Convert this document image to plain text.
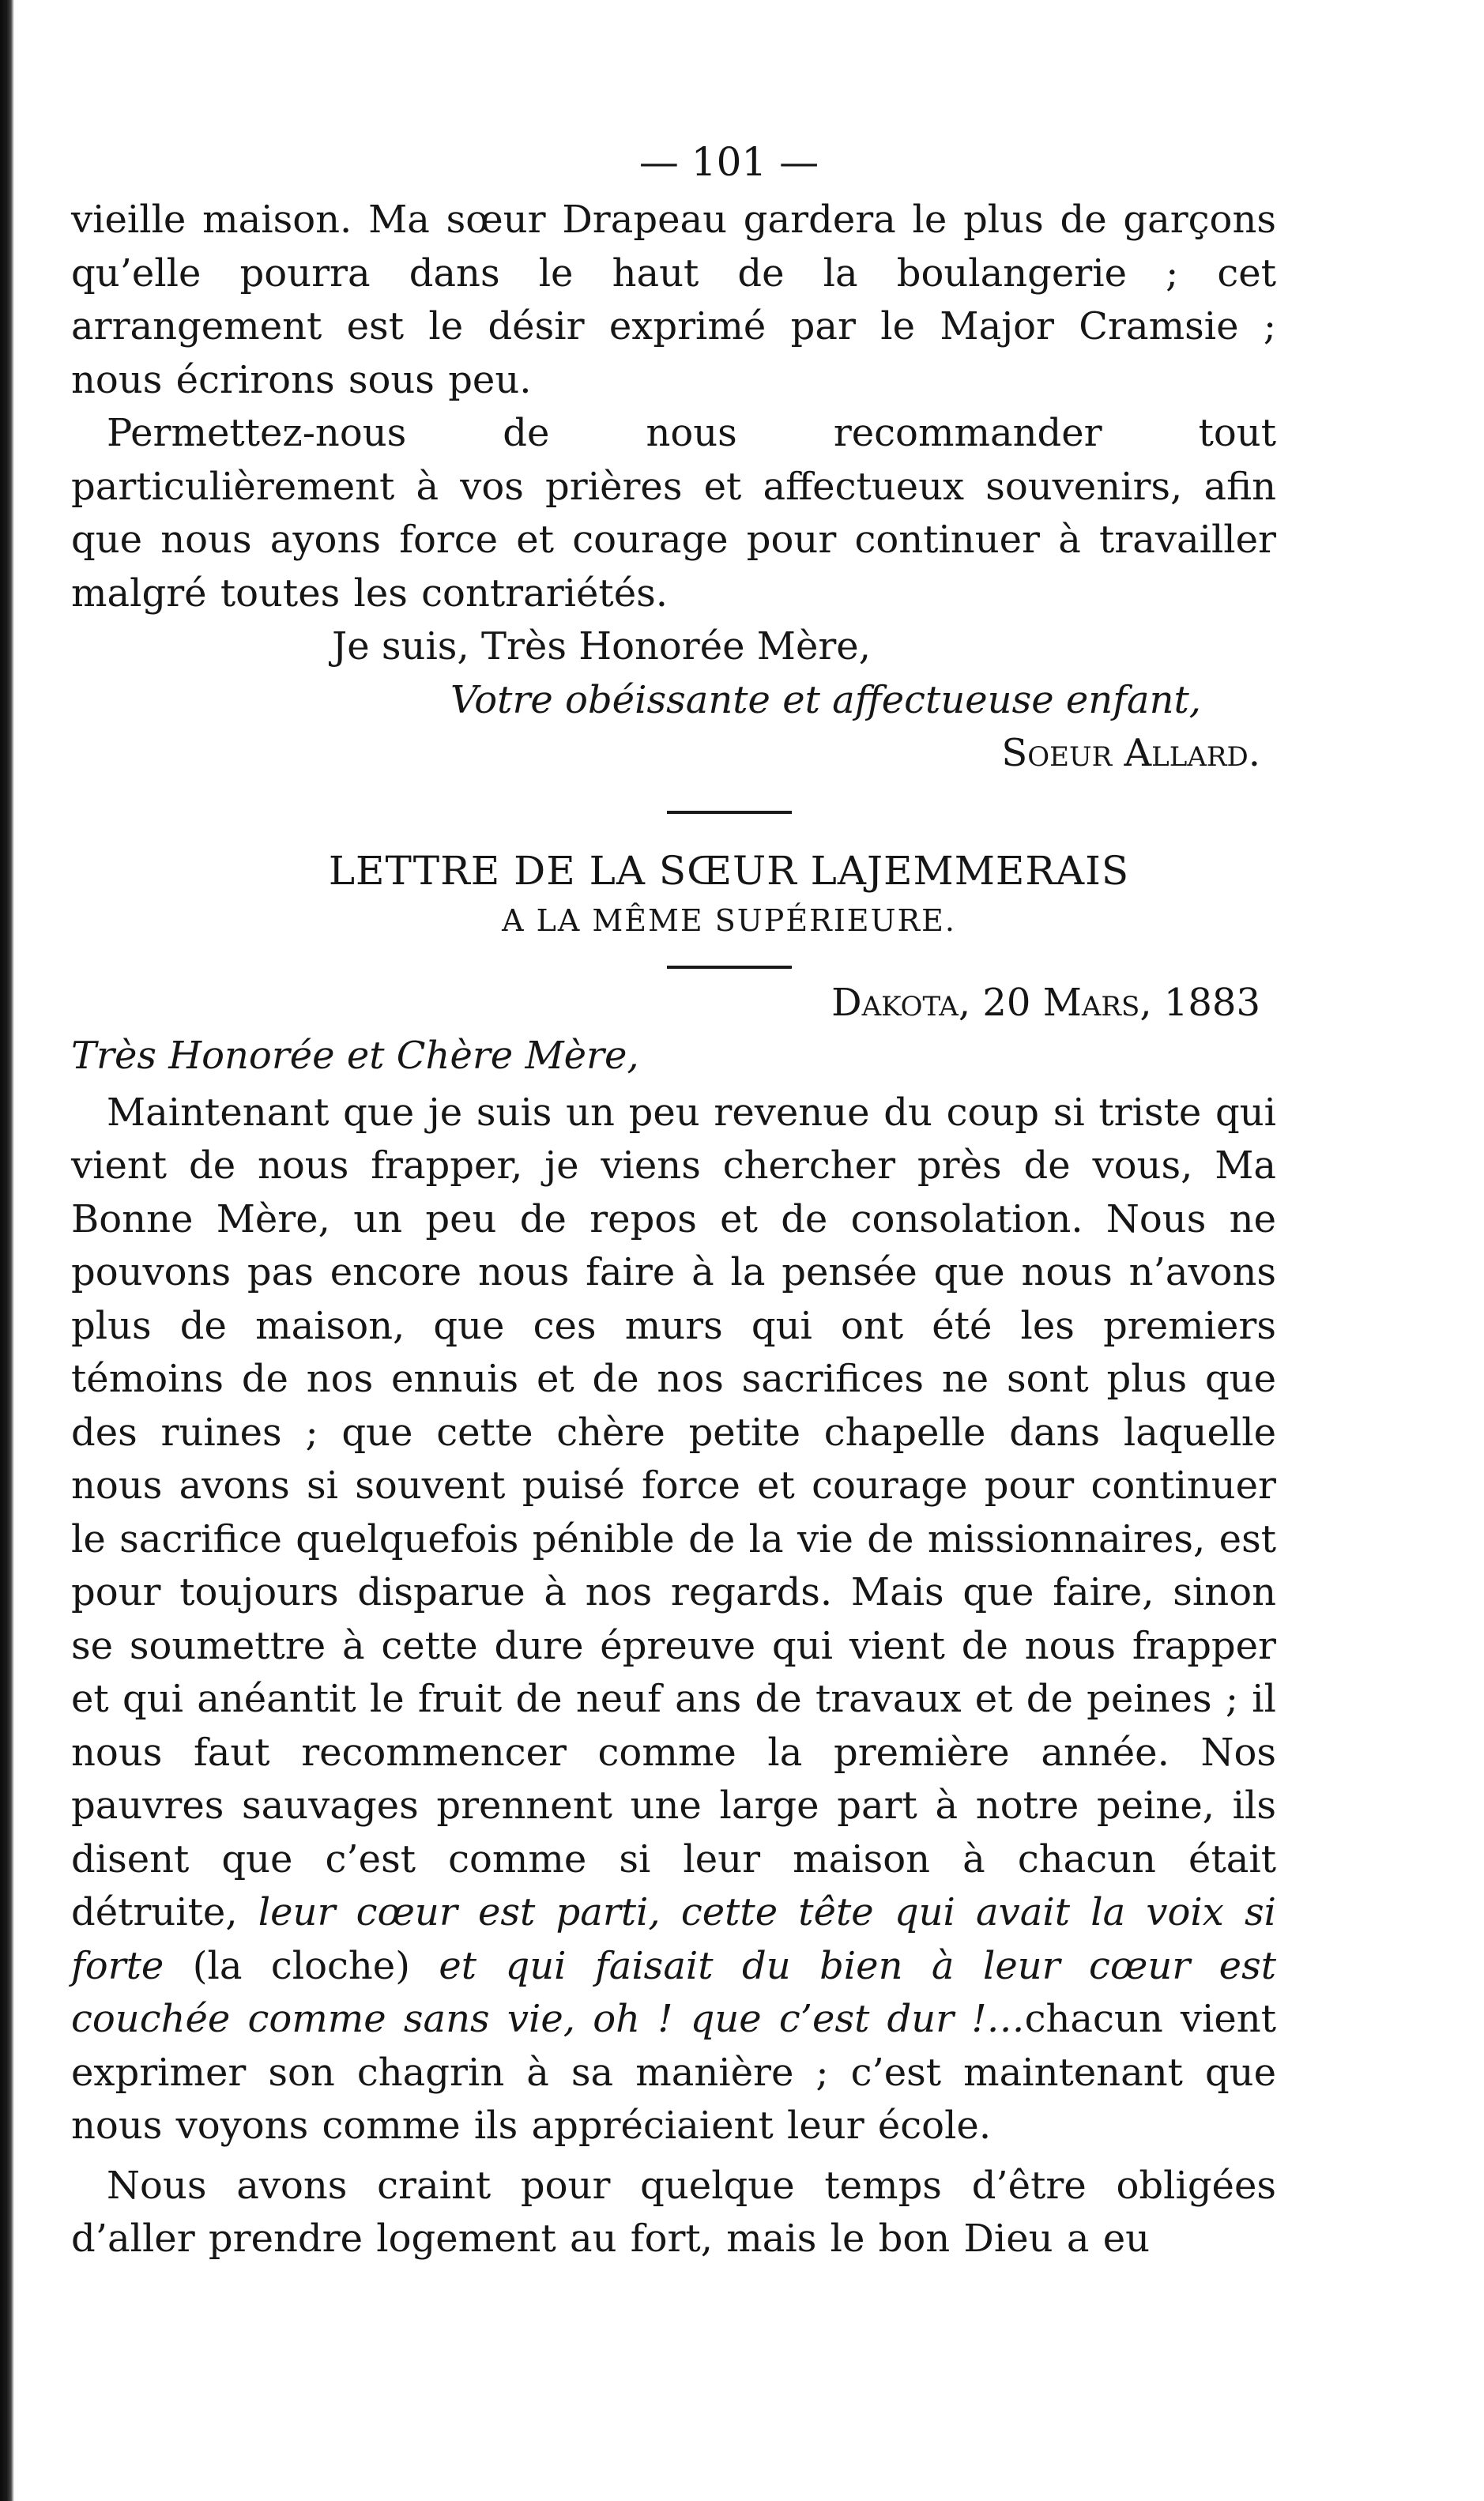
— 101 —

vieille maison. Ma sœur Drapeau gardera le plus de garçons qu’elle pourra dans le haut de la boulangerie ; cet arrangement est le désir exprimé par le Major Cramsie ; nous écrirons sous peu.

Permettez-nous de nous recommander tout particulièrement à vos prières et affectueux souvenirs, afin que nous ayons force et courage pour continuer à travailler malgré toutes les contrariétés.

Je suis, Très Honorée Mère,
Votre obéissante et affectueuse enfant,
Soeur Allard.
LETTRE DE LA SŒUR LAJEMMERAIS
A LA MÊME SUPÉRIEURE.
Dakota, 20 Mars, 1883
Très Honorée et Chère Mère,

Maintenant que je suis un peu revenue du coup si triste qui vient de nous frapper, je viens chercher près de vous, Ma Bonne Mère, un peu de repos et de consolation. Nous ne pouvons pas encore nous faire à la pensée que nous n’avons plus de maison, que ces murs qui ont été les premiers témoins de nos ennuis et de nos sacrifices ne sont plus que des ruines ; que cette chère petite chapelle dans laquelle nous avons si souvent puisé force et courage pour continuer le sacrifice quelquefois pénible de la vie de missionnaires, est pour toujours disparue à nos regards. Mais que faire, sinon se soumettre à cette dure épreuve qui vient de nous frapper et qui anéantit le fruit de neuf ans de travaux et de peines ; il nous faut recommencer comme la première année. Nos pauvres sauvages prennent une large part à notre peine, ils disent que c’est comme si leur maison à chacun était détruite, leur cœur est parti, cette tête qui avait la voix si forte (la cloche) et qui faisait du bien à leur cœur est couchée comme sans vie, oh ! que c’est dur !…chacun vient exprimer son chagrin à sa manière ; c’est maintenant que nous voyons comme ils appréciaient leur école.

Nous avons craint pour quelque temps d’être obligées d’aller prendre logement au fort, mais le bon Dieu a eu
